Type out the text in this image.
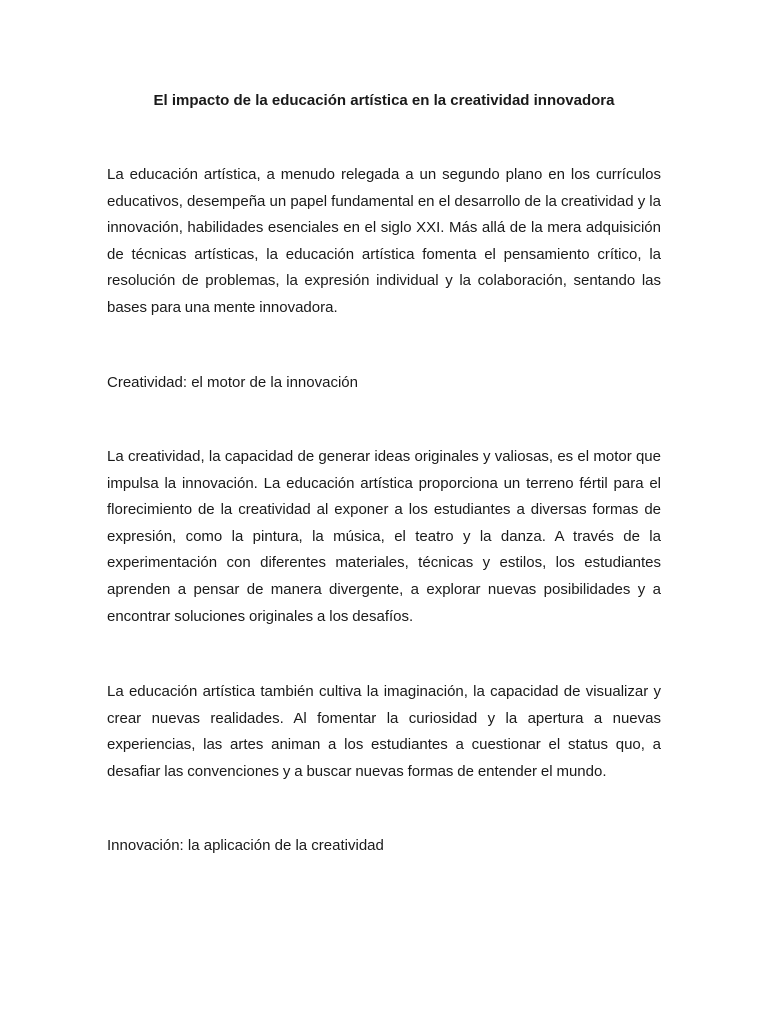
El impacto de la educación artística en la creatividad innovadora

La educación artística, a menudo relegada a un segundo plano en los currículos educativos, desempeña un papel fundamental en el desarrollo de la creatividad y la innovación, habilidades esenciales en el siglo XXI. Más allá de la mera adquisición de técnicas artísticas, la educación artística fomenta el pensamiento crítico, la resolución de problemas, la expresión individual y la colaboración, sentando las bases para una mente innovadora.

Creatividad: el motor de la innovación

La creatividad, la capacidad de generar ideas originales y valiosas, es el motor que impulsa la innovación. La educación artística proporciona un terreno fértil para el florecimiento de la creatividad al exponer a los estudiantes a diversas formas de expresión, como la pintura, la música, el teatro y la danza. A través de la experimentación con diferentes materiales, técnicas y estilos, los estudiantes aprenden a pensar de manera divergente, a explorar nuevas posibilidades y a encontrar soluciones originales a los desafíos.

La educación artística también cultiva la imaginación, la capacidad de visualizar y crear nuevas realidades. Al fomentar la curiosidad y la apertura a nuevas experiencias, las artes animan a los estudiantes a cuestionar el status quo, a desafiar las convenciones y a buscar nuevas formas de entender el mundo.

Innovación: la aplicación de la creatividad
